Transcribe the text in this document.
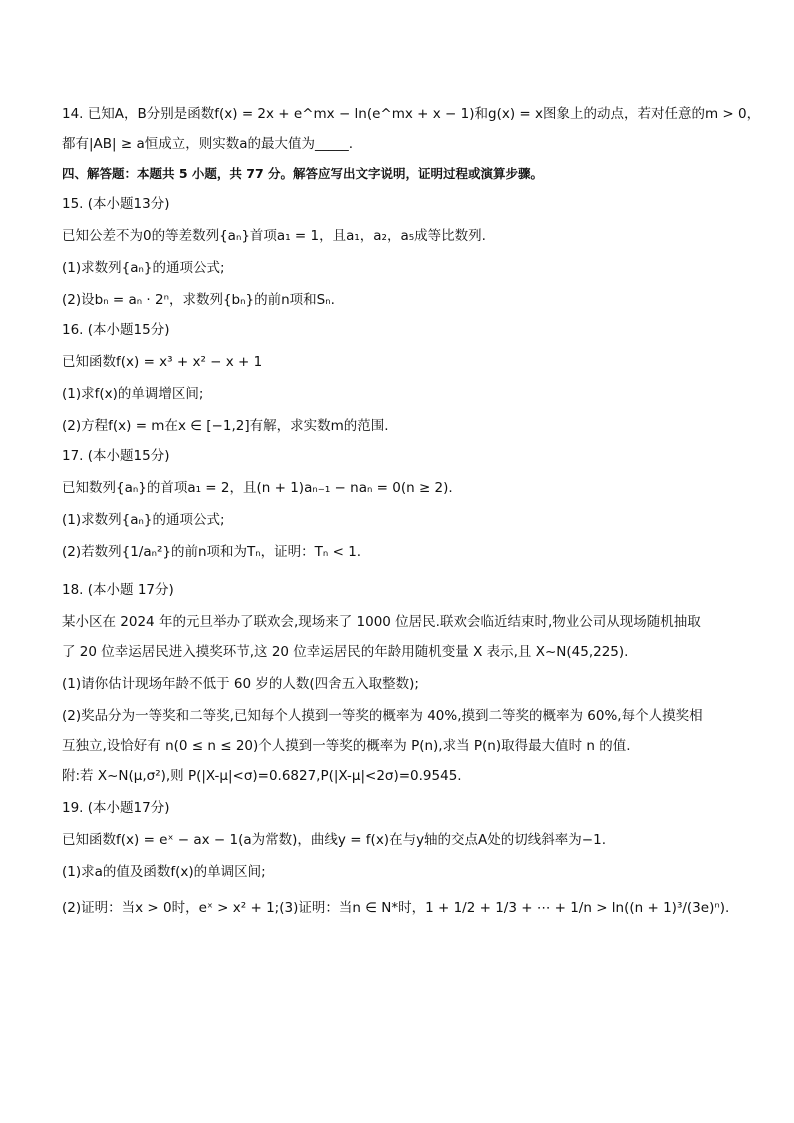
14. 已知A，B分别是函数f(x) = 2x + e^mx − ln(e^mx + x − 1)和g(x) = x图象上的动点，若对任意的m > 0，
都有|AB| ≥ a恒成立，则实数a的最大值为_____.
四、解答题：本题共 5 小题，共 77 分。解答应写出文字说明，证明过程或演算步骤。
15. (本小题13分)
已知公差不为0的等差数列{aₙ}首项a₁ = 1，且a₁，a₂，a₅成等比数列.
(1)求数列{aₙ}的通项公式;
(2)设bₙ = aₙ · 2ⁿ，求数列{bₙ}的前n项和Sₙ.
16. (本小题15分)
已知函数f(x) = x³ + x² − x + 1
(1)求f(x)的单调增区间;
(2)方程f(x) = m在x ∈ [−1,2]有解，求实数m的范围.
17. (本小题15分)
已知数列{aₙ}的首项a₁ = 2，且(n + 1)aₙ₋₁ − naₙ = 0(n ≥ 2).
(1)求数列{aₙ}的通项公式;
(2)若数列{1/aₙ²}的前n项和为Tₙ，证明：Tₙ < 1.
18. (本小题 17分)
某小区在 2024 年的元旦举办了联欢会,现场来了 1000 位居民.联欢会临近结束时,物业公司从现场随机抽取
了 20 位幸运居民进入摸奖环节,这 20 位幸运居民的年龄用随机变量 X 表示,且 X~N(45,225).
(1)请你估计现场年龄不低于 60 岁的人数(四舍五入取整数);
(2)奖品分为一等奖和二等奖,已知每个人摸到一等奖的概率为 40%,摸到二等奖的概率为 60%,每个人摸奖相
互独立,设恰好有 n(0 ≤ n ≤ 20)个人摸到一等奖的概率为 P(n),求当 P(n)取得最大值时 n 的值.
附:若 X~N(μ,σ²),则 P(|X-μ|<σ)=0.6827,P(|X-μ|<2σ)=0.9545.
19. (本小题17分)
已知函数f(x) = eˣ − ax − 1(a为常数)，曲线y = f(x)在与y轴的交点A处的切线斜率为−1.
(1)求a的值及函数f(x)的单调区间;
(2)证明：当x > 0时，eˣ > x² + 1;(3)证明：当n ∈ N*时，1 + 1/2 + 1/3 + ⋯ + 1/n > ln((n + 1)³/(3e)ⁿ).
